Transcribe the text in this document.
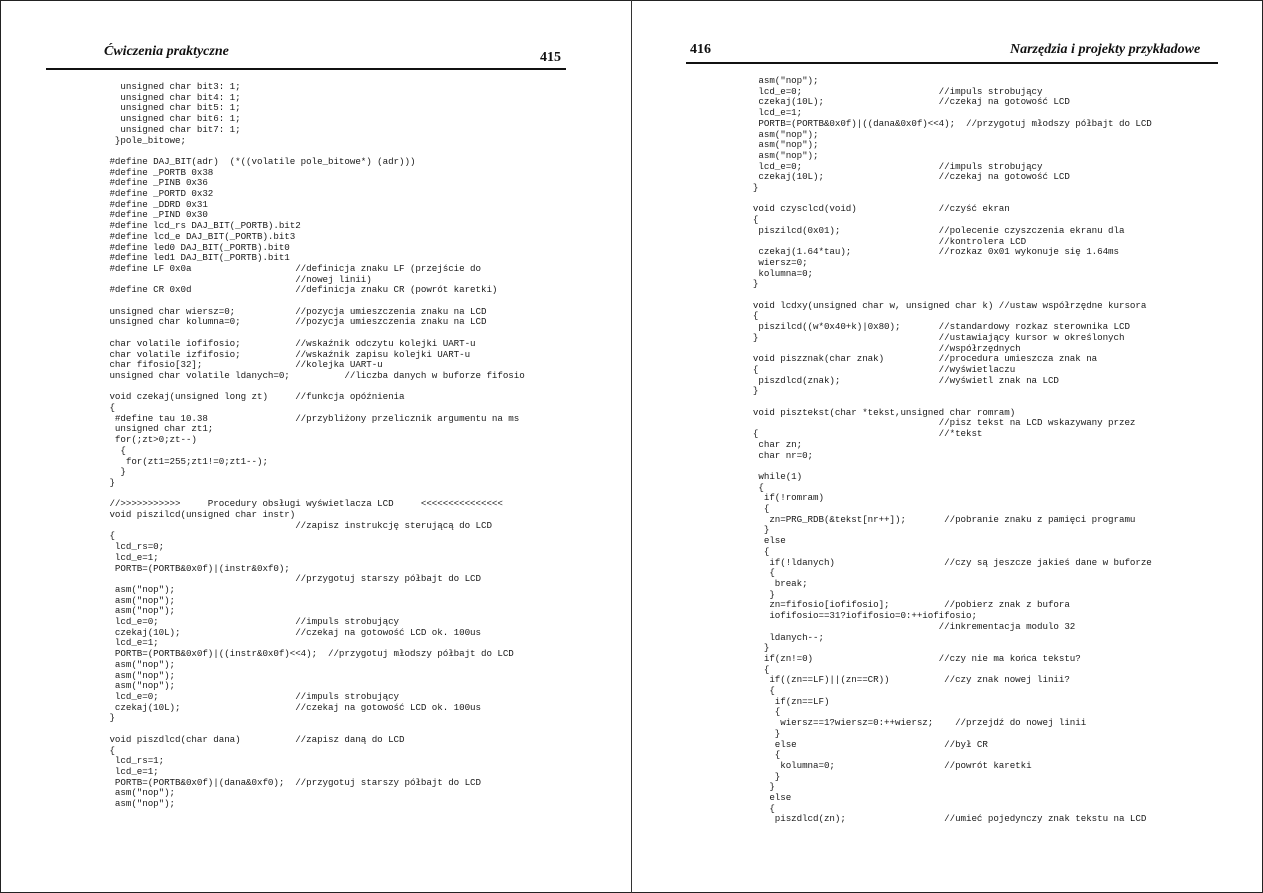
Ćwiczenia praktyczne	415
unsigned char bit3: 1;
unsigned char bit4: 1;
unsigned char bit5: 1;
unsigned char bit6: 1;
unsigned char bit7: 1;
}pole_bitowe;
#define DAJ_BIT(adr)  (*((volatile pole_bitowe*) (adr)))
#define _PORTB 0x38
#define _PINB 0x36
#define _PORTD 0x32
#define _DDRD 0x31
#define _PIND 0x30
#define lcd_rs DAJ_BIT(_PORTB).bit2
#define lcd_e DAJ_BIT(_PORTB).bit3
#define led0 DAJ_BIT(_PORTB).bit0
#define led1 DAJ_BIT(_PORTB).bit1
#define LF 0x0a                   //definicja znaku LF (przejście do
//nowej linii)
#define CR 0x0d                   //definicja znaku CR (powrót karetki)
unsigned char wiersz=0;           //pozycja umieszczenia znaku na LCD
unsigned char kolumna=0;          //pozycja umieszczenia znaku na LCD
char volatile iofifosio;          //wskaźnik odczytu kolejki UART-u
char volatile izfifosio;          //wskaźnik zapisu kolejki UART-u
char fifosio[32];                 //kolejka UART-u
unsigned char volatile ldanych=0;          //liczba danych w buforze fifosio
void czekaj(unsigned long zt)     //funkcja opóźnienia
{
#define tau 10.38                //przybliżony przelicznik argumentu na ms
unsigned char zt1;
for(;zt>0;zt--)
{
for(zt1=255;zt1!=0;zt1--);
}
}
//>>>>>>>>>>>     Procedury obsługi wyświetlacza LCD     <<<<<<<<<<<<<<<
void piszilcd(unsigned char instr)
//zapisz instrukcję sterującą do LCD
{
lcd_rs=0;
lcd_e=1;
PORTB=(PORTB&0x0f)|(instr&0xf0);
//przygotuj starszy półbajt do LCD
asm("nop");
asm("nop");
asm("nop");
lcd_e=0;                         //impuls strobujący
czekaj(10L);                     //czekaj na gotowość LCD ok. 100us
lcd_e=1;
PORTB=(PORTB&0x0f)|((instr&0x0f)<<4);  //przygotuj młodszy półbajt do LCD
asm("nop");
asm("nop");
asm("nop");
lcd_e=0;                         //impuls strobujący
czekaj(10L);                     //czekaj na gotowość LCD ok. 100us
}
void piszdlcd(char dana)          //zapisz daną do LCD
{
lcd_rs=1;
lcd_e=1;
PORTB=(PORTB&0x0f)|(dana&0xf0);  //przygotuj starszy półbajt do LCD
asm("nop");
asm("nop");
416	Narzędzia i projekty przykładowe
asm("nop");
lcd_e=0;                         //impuls strobujący
czekaj(10L);                     //czekaj na gotowość LCD
lcd_e=1;
PORTB=(PORTB&0x0f)|((dana&0x0f)<<4);  //przygotuj młodszy półbajt do LCD
asm("nop");
asm("nop");
asm("nop");
lcd_e=0;                         //impuls strobujący
czekaj(10L);                     //czekaj na gotowość LCD
}
void czysclcd(void)               //czyść ekran
{
piszilcd(0x01);                  //polecenie czyszczenia ekranu dla
//kontrolera LCD
czekaj(1.64*tau);                //rozkaz 0x01 wykonuje się 1.64ms
wiersz=0;
kolumna=0;
}
void lcdxy(unsigned char w, unsigned char k) //ustaw współrzędne kursora
{
piszilcd((w*0x40+k)|0x80);       //standardowy rozkaz sterownika LCD
}                                 //ustawiający kursor w określonych
//współrzędnych
void piszznak(char znak)          //procedura umieszcza znak na
{                                 //wyświetlaczu
piszdlcd(znak);                  //wyświetl znak na LCD
}
void pisztekst(char *tekst,unsigned char romram)
//pisz tekst na LCD wskazywany przez
{                                 //*tekst
char zn;
char nr=0;
while(1)
{
if(!romram)
{
zn=PRG_RDB(&tekst[nr++]);       //pobranie znaku z pamięci programu
}
else
{
if(!ldanych)                    //czy są jeszcze jakieś dane w buforze
{
break;
}
zn=fifosio[iofifosio];          //pobierz znak z bufora
iofifosio==31?iofifosio=0:++iofifosio;
//inkrementacja modulo 32
ldanych--;
}
if(zn!=0)                       //czy nie ma końca tekstu?
{
if((zn==LF)||(zn==CR))          //czy znak nowej linii?
{
if(zn==LF)
{
wiersz==1?wiersz=0:++wiersz;    //przejdź do nowej linii
}
else                           //był CR
{
kolumna=0;                    //powrót karetki
}
}
else
{
piszdlcd(zn);                  //umieć pojedynczy znak tekstu na LCD
